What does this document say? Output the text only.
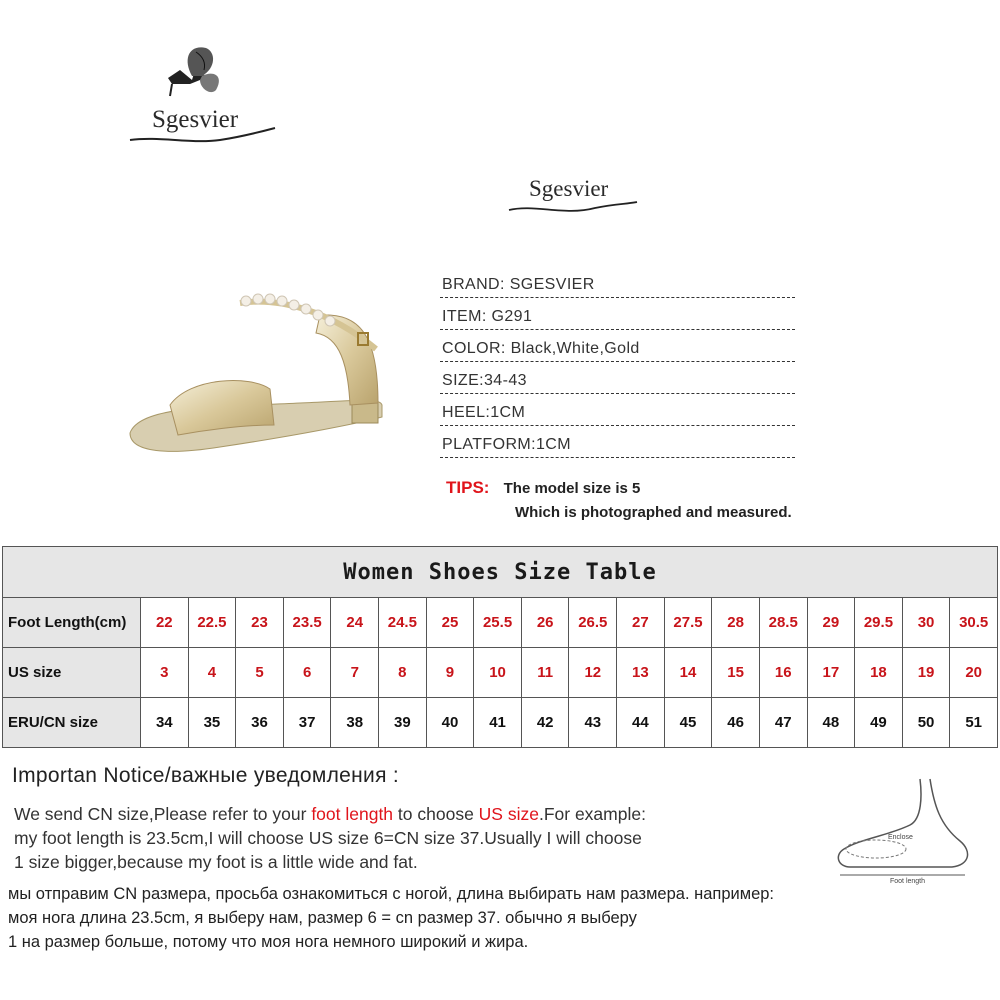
Sgesvier
Sgesvier
BRAND: SGESVIER
ITEM: G291
COLOR: Black,White,Gold
SIZE:34-43
HEEL:1CM
PLATFORM:1CM
TIPS: The model size is 5
Which is photographed and measured.
Women Shoes Size Table																		
Foot Length(cm)	22	22.5	23	23.5	24	24.5	25	25.5	26	26.5	27	27.5	28	28.5	29	29.5	30	30.5
US size	3	4	5	6	7	8	9	10	11	12	13	14	15	16	17	18	19	20
ERU/CN size	34	35	36	37	38	39	40	41	42	43	44	45	46	47	48	49	50	51
Importan Notice/важные уведомления :
We send CN size,Please refer to your foot length to choose US size.For example:
my foot length is 23.5cm,I will choose US size 6=CN size 37.Usually I will choose
1 size bigger,because my foot is a little wide and fat.
мы отправим CN размера, просьба ознакомиться с ногой, длина выбирать нам размера. например:
моя нога длина 23.5cm, я выберу нам, размер 6 = cn размер 37. обычно я выберу
1 на размер больше, потому что моя нога немного широкий и жира.
Enclose
Foot length
